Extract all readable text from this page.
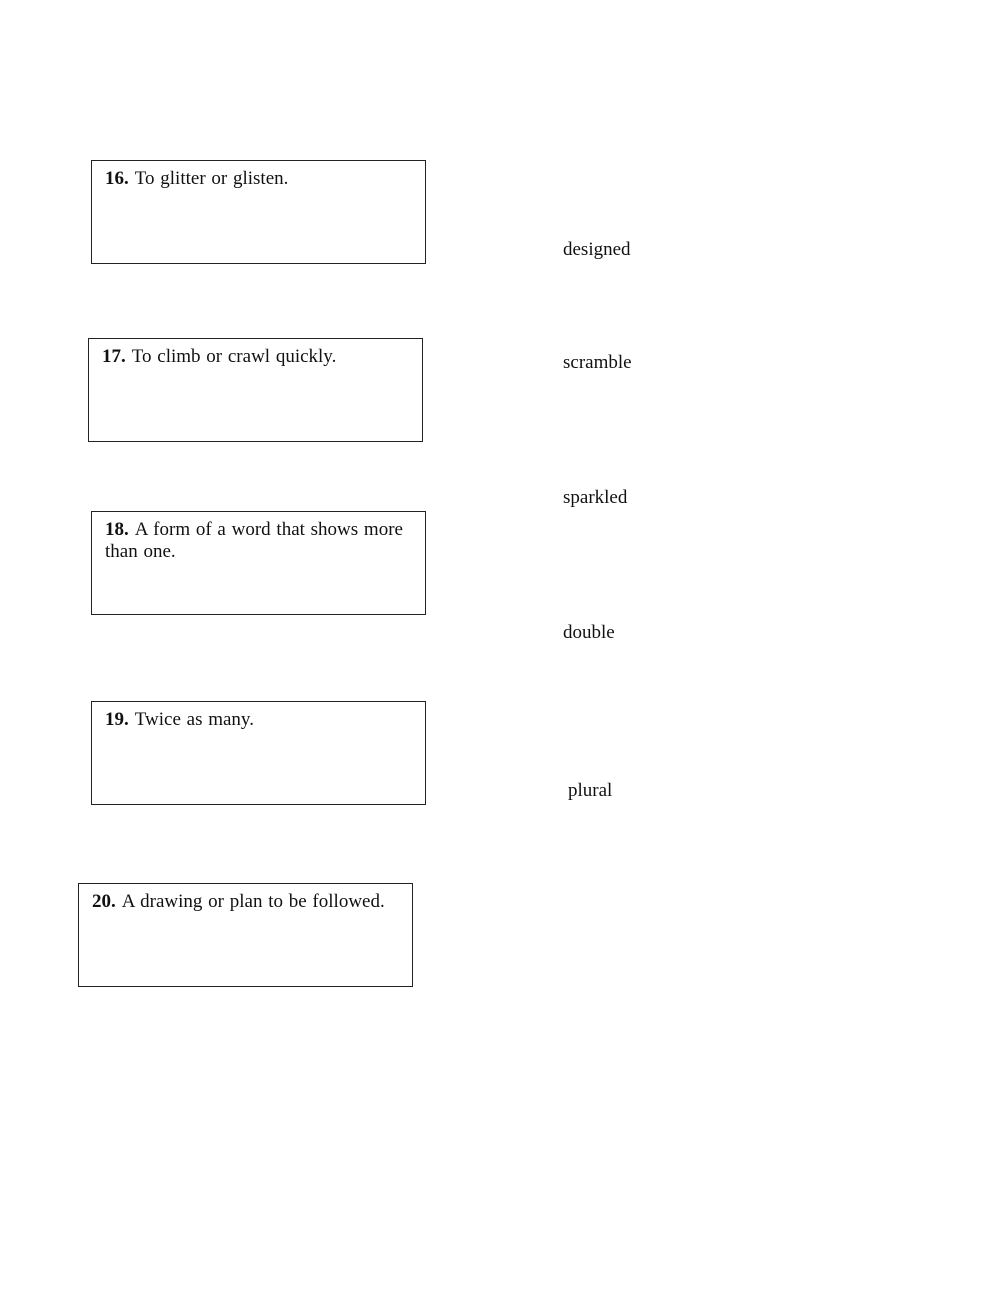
16. To glitter or glisten.
17. To climb or crawl quickly.
18. A form of a word that shows more than one.
19. Twice as many.
20. A drawing or plan to be followed.
designed
scramble
sparkled
double
plural
